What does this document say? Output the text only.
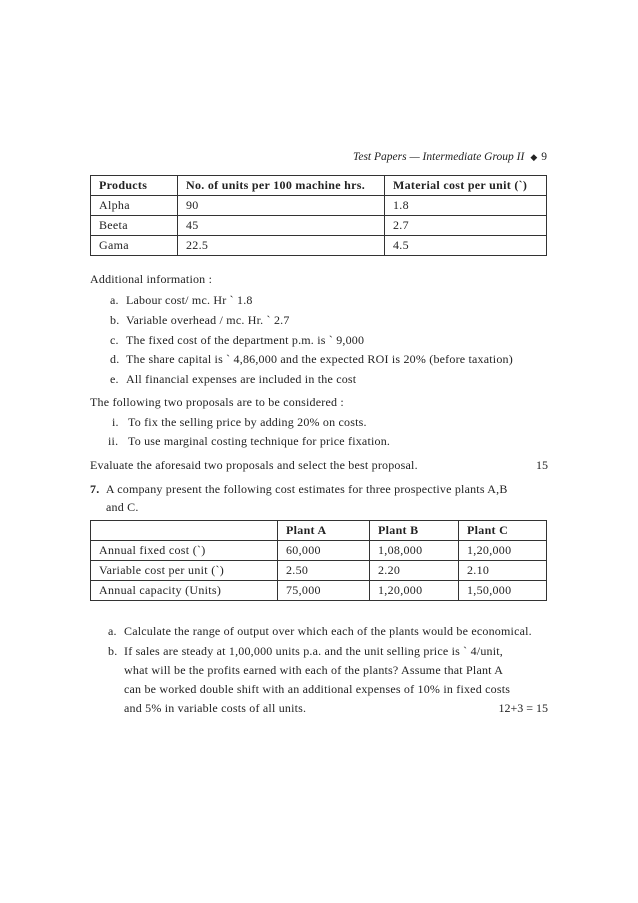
Test Papers — Intermediate Group II ◆ 9
Products	No. of units per 100 machine hrs.	Material cost per unit (`)
Alpha	90	1.8
Beeta	45	2.7
Gama	22.5	4.5
Additional information :
a. Labour cost/ mc. Hr ` 1.8
b. Variable overhead / mc. Hr. ` 2.7
c. The fixed cost of the department p.m. is ` 9,000
d. The share capital is ` 4,86,000 and the expected ROI is 20% (before taxation)
e. All financial expenses are included in the cost
The following two proposals are to be considered :
i. To fix the selling price by adding 20% on costs.
ii. To use marginal costing technique for price fixation.
Evaluate the aforesaid two proposals and select the best proposal.	15
7. A company present the following cost estimates for three prospective plants A,B
and C.
	Plant A	Plant B	Plant C
Annual fixed cost (`)	60,000	1,08,000	1,20,000
Variable cost per unit (`)	2.50	2.20	2.10
Annual capacity (Units)	75,000	1,20,000	1,50,000
a. Calculate the range of output over which each of the plants would be economical.
b. If sales are steady at 1,00,000 units p.a. and the unit selling price is ` 4/unit,
what will be the profits earned with each of the plants? Assume that Plant A
can be worked double shift with an additional expenses of 10% in fixed costs
and 5% in variable costs of all units.	12+3 = 15
